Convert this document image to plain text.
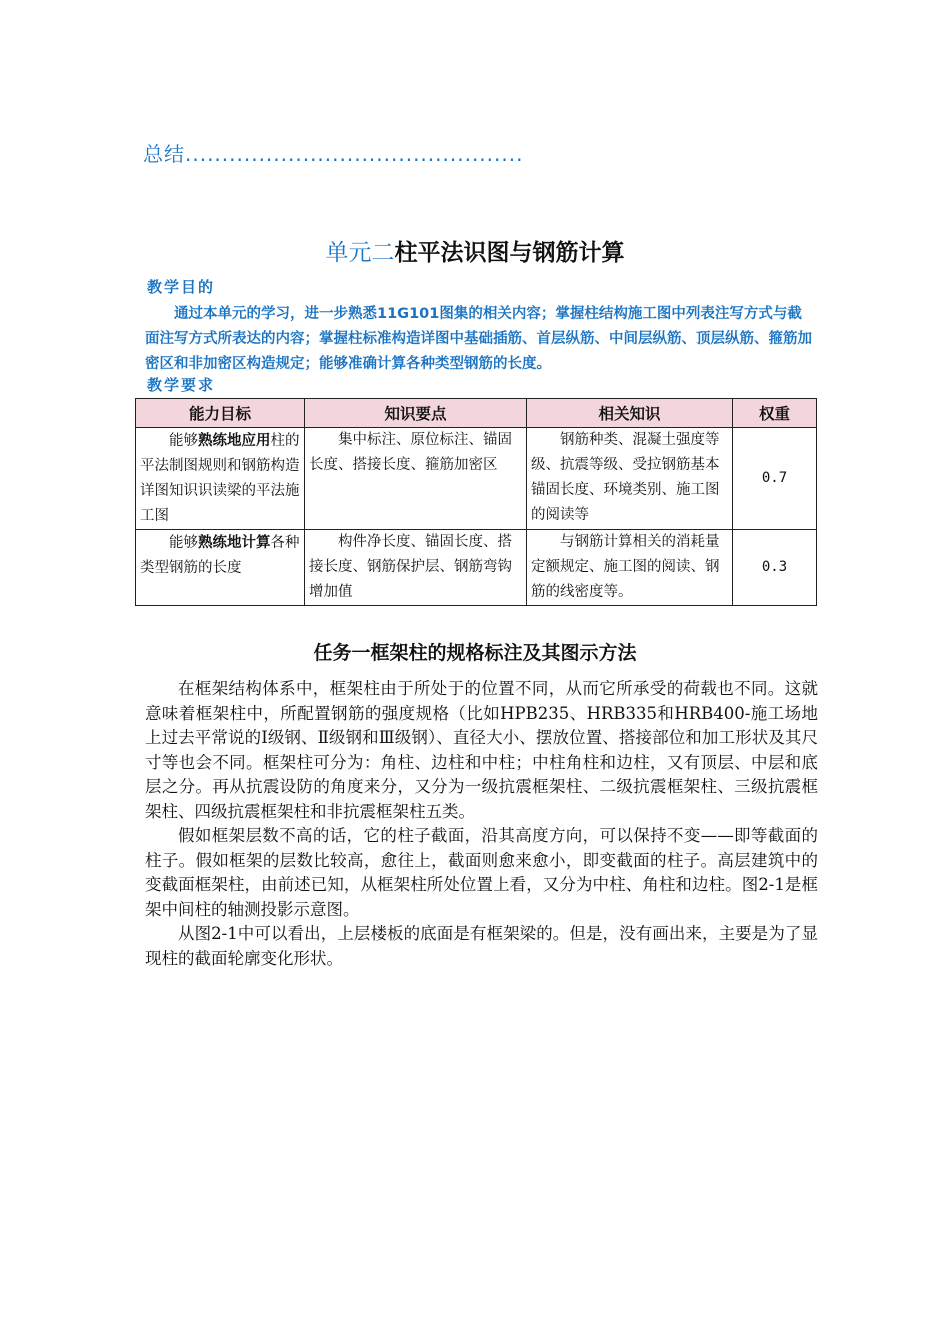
总结..............................................
单元二柱平法识图与钢筋计算
教学目的
通过本单元的学习，进一步熟悉11G101图集的相关内容；掌握柱结构施工图中列表注写方式与截面注写方式所表达的内容；掌握柱标准构造详图中基础插筋、首层纵筋、中间层纵筋、顶层纵筋、箍筋加密区和非加密区构造规定；能够准确计算各种类型钢筋的长度。
教学要求
能力目标	知识要点	相关知识	权重
能够熟练地应用柱的平法制图规则和钢筋构造详图知识识读梁的平法施工图	集中标注、原位标注、锚固长度、搭接长度、箍筋加密区	钢筋种类、混凝土强度等级、抗震等级、受拉钢筋基本锚固长度、环境类别、施工图的阅读等	0.7
能够熟练地计算各种类型钢筋的长度	构件净长度、锚固长度、搭接长度、钢筋保护层、钢筋弯钩增加值	与钢筋计算相关的消耗量定额规定、施工图的阅读、钢筋的线密度等。	0.3
任务一框架柱的规格标注及其图示方法

在框架结构体系中，框架柱由于所处于的位置不同，从而它所承受的荷载也不同。这就意味着框架柱中，所配置钢筋的强度规格（比如HPB235、HRB335和HRB400-施工场地上过去平常说的Ⅰ级钢、Ⅱ级钢和Ⅲ级钢）、直径大小、摆放位置、搭接部位和加工形状及其尺寸等也会不同。框架柱可分为：角柱、边柱和中柱；中柱角柱和边柱，又有顶层、中层和底层之分。再从抗震设防的角度来分，又分为一级抗震框架柱、二级抗震框架柱、三级抗震框架柱、四级抗震框架柱和非抗震框架柱五类。

假如框架层数不高的话，它的柱子截面，沿其高度方向，可以保持不变——即等截面的柱子。假如框架的层数比较高，愈往上，截面则愈来愈小，即变截面的柱子。高层建筑中的变截面框架柱，由前述已知，从框架柱所处位置上看，又分为中柱、角柱和边柱。图2-1是框架中间柱的轴测投影示意图。

从图2-1中可以看出，上层楼板的底面是有框架梁的。但是，没有画出来，主要是为了显现柱的截面轮廓变化形状。
